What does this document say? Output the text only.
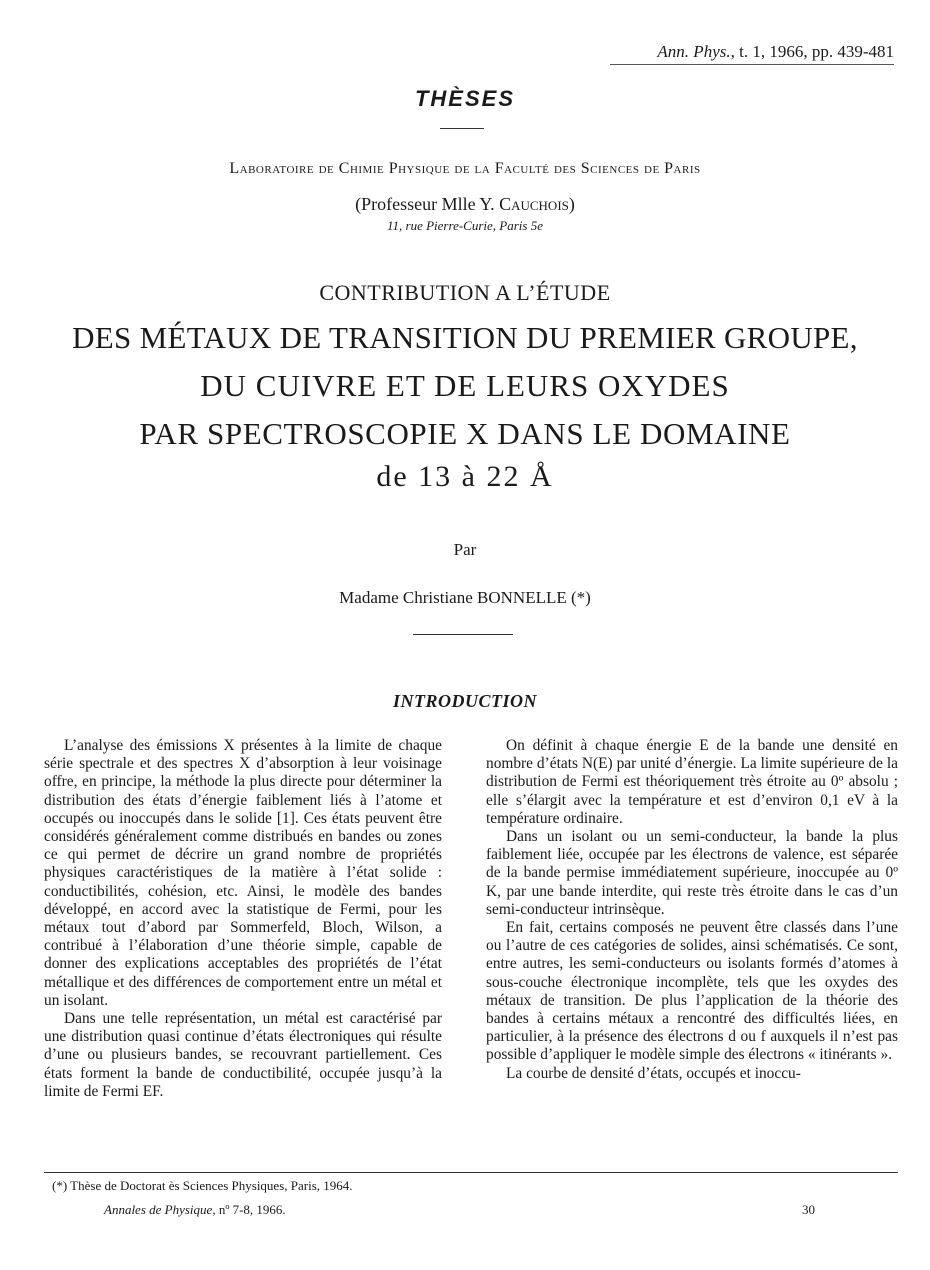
Ann. Phys., t. 1, 1966, pp. 439-481
THÈSES
Laboratoire de Chimie Physique de la Faculté des Sciences de Paris
(Professeur Mlle Y. Cauchois)
11, rue Pierre-Curie, Paris 5e
CONTRIBUTION A L’ÉTUDE
DES MÉTAUX DE TRANSITION DU PREMIER GROUPE,
DU CUIVRE ET DE LEURS OXYDES
PAR SPECTROSCOPIE X DANS LE DOMAINE
de 13 à 22 Å
Par
Madame Christiane BONNELLE (*)
INTRODUCTION

L’analyse des émissions X présentes à la limite de chaque série spectrale et des spectres X d’absorption à leur voisinage offre, en principe, la méthode la plus directe pour déterminer la distribution des états d’énergie faiblement liés à l’atome et occupés ou inoccupés dans le solide [1]. Ces états peuvent être considérés généralement comme distribués en bandes ou zones ce qui permet de décrire un grand nombre de propriétés physiques caractéristiques de la matière à l’état solide : conductibilités, cohésion, etc. Ainsi, le modèle des bandes développé, en accord avec la statistique de Fermi, pour les métaux tout d’abord par Sommerfeld, Bloch, Wilson, a contribué à l’élaboration d’une théorie simple, capable de donner des explications acceptables des propriétés de l’état métallique et des différences de comportement entre un métal et un isolant.

Dans une telle représentation, un métal est caractérisé par une distribution quasi continue d’états électroniques qui résulte d’une ou plusieurs bandes, se recouvrant partiellement. Ces états forment la bande de conductibilité, occupée jusqu’à la limite de Fermi EF.

On définit à chaque énergie E de la bande une densité en nombre d’états N(E) par unité d’énergie. La limite supérieure de la distribution de Fermi est théoriquement très étroite au 0º absolu ; elle s’élargit avec la température et est d’environ 0,1 eV à la température ordinaire.

Dans un isolant ou un semi-conducteur, la bande la plus faiblement liée, occupée par les électrons de valence, est séparée de la bande permise immédiatement supérieure, inoccupée au 0º K, par une bande interdite, qui reste très étroite dans le cas d’un semi-conducteur intrinsèque.

En fait, certains composés ne peuvent être classés dans l’une ou l’autre de ces catégories de solides, ainsi schématisés. Ce sont, entre autres, les semi-conducteurs ou isolants formés d’atomes à sous-couche électronique incomplète, tels que les oxydes des métaux de transition. De plus l’application de la théorie des bandes à certains métaux a rencontré des difficultés liées, en particulier, à la présence des électrons d ou f auxquels il n’est pas possible d’appliquer le modèle simple des électrons « itinérants ».

La courbe de densité d’états, occupés et inoccu-

(*) Thèse de Doctorat ès Sciences Physiques, Paris, 1964.
Annales de Physique, nº 7-8, 1966.	30
